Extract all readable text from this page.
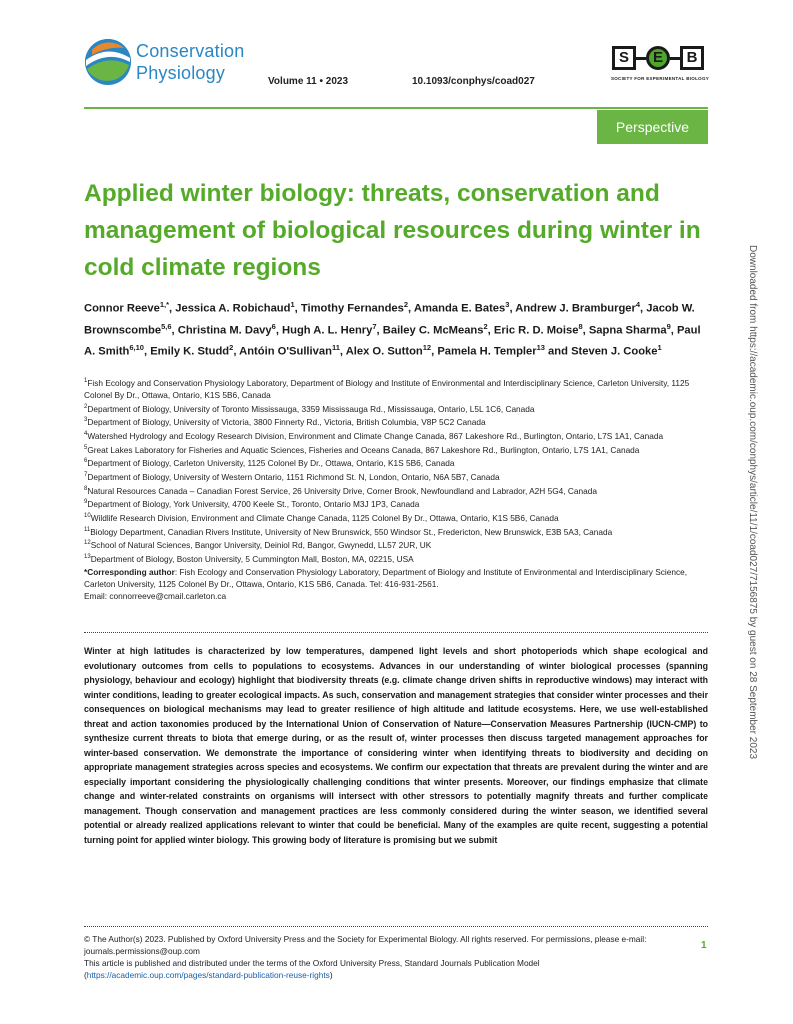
Conservation
Physiology	Volume 11 • 2023	10.1093/conphys/coad027
S	E	B
SOCIETY FOR EXPERIMENTAL BIOLOGY
Perspective
Applied winter biology: threats, conservation and management of biological resources during winter in cold climate regions
Connor Reeve$^{1,*}$, Jessica A. Robichaud$^1$, Timothy Fernandes$^2$, Amanda E. Bates$^3$, Andrew J. Bramburger$^4$, Jacob W. Brownscombe$^{5,6}$, Christina M. Davy$^6$, Hugh A. L. Henry$^7$, Bailey C. McMeans$^2$, Eric R. D. Moise$^8$, Sapna Sharma$^9$, Paul A. Smith$^{6,10}$, Emily K. Studd$^2$, Antóin O'Sullivan$^{11}$, Alex O. Sutton$^{12}$, Pamela H. Templer$^{13}$ and Steven J. Cooke$^1$
$^1$Fish Ecology and Conservation Physiology Laboratory, Department of Biology and Institute of Environmental and Interdisciplinary Science, Carleton University, 1125 Colonel By Dr., Ottawa, Ontario, K1S 5B6, Canada
$^2$Department of Biology, University of Toronto Mississauga, 3359 Mississauga Rd., Mississauga, Ontario, L5L 1C6, Canada
$^3$Department of Biology, University of Victoria, 3800 Finnerty Rd., Victoria, British Columbia, V8P 5C2 Canada
$^4$Watershed Hydrology and Ecology Research Division, Environment and Climate Change Canada, 867 Lakeshore Rd., Burlington, Ontario, L7S 1A1, Canada
$^5$Great Lakes Laboratory for Fisheries and Aquatic Sciences, Fisheries and Oceans Canada, 867 Lakeshore Rd., Burlington, Ontario, L7S 1A1, Canada
$^6$Department of Biology, Carleton University, 1125 Colonel By Dr., Ottawa, Ontario, K1S 5B6, Canada
$^7$Department of Biology, University of Western Ontario, 1151 Richmond St. N, London, Ontario, N6A 5B7, Canada
$^8$Natural Resources Canada – Canadian Forest Service, 26 University Drive, Corner Brook, Newfoundland and Labrador, A2H 5G4, Canada
$^9$Department of Biology, York University, 4700 Keele St., Toronto, Ontario M3J 1P3, Canada
$^{10}$Wildlife Research Division, Environment and Climate Change Canada, 1125 Colonel By Dr., Ottawa, Ontario, K1S 5B6, Canada
$^{11}$Biology Department, Canadian Rivers Institute, University of New Brunswick, 550 Windsor St., Fredericton, New Brunswick, E3B 5A3, Canada
$^{12}$School of Natural Sciences, Bangor University, Deiniol Rd, Bangor, Gwynedd, LL57 2UR, UK
$^{13}$Department of Biology, Boston University, 5 Cummington Mall, Boston, MA, 02215, USA
*Corresponding author: Fish Ecology and Conservation Physiology Laboratory, Department of Biology and Institute of Environmental and Interdisciplinary Science, Carleton University, 1125 Colonel By Dr., Ottawa, Ontario, K1S 5B6, Canada. Tel: 416-931-2561.
Email: connorreeve@cmail.carleton.ca
Winter at high latitudes is characterized by low temperatures, dampened light levels and short photoperiods which shape ecological and evolutionary outcomes from cells to populations to ecosystems. Advances in our understanding of winter biological processes (spanning physiology, behaviour and ecology) highlight that biodiversity threats (e.g. climate change driven shifts in reproductive windows) may interact with winter conditions, leading to greater ecological impacts. As such, conservation and management strategies that consider winter processes and their consequences on biological mechanisms may lead to greater resilience of high altitude and latitude ecosystems. Here, we use well-established threat and action taxonomies produced by the International Union of Conservation of Nature—Conservation Measures Partnership (IUCN-CMP) to synthesize current threats to biota that emerge during, or as the result of, winter processes then discuss targeted management approaches for winter-based conservation. We demonstrate the importance of considering winter when identifying threats to biodiversity and deciding on appropriate management strategies across species and ecosystems. We confirm our expectation that threats are prevalent during the winter and are especially important considering the physiologically challenging conditions that winter presents. Moreover, our findings emphasize that climate change and winter-related constraints on organisms will intersect with other stressors to potentially magnify threats and further complicate management. Though conservation and management practices are less commonly considered during the winter season, we identified several potential or already realized applications relevant to winter that could be beneficial. Many of the examples are quite recent, suggesting a potential turning point for applied winter biology. This growing body of literature is promising but we submit
© The Author(s) 2023. Published by Oxford University Press and the Society for Experimental Biology. All rights reserved. For permissions, please e-mail: journals.permissions@oup.com
This article is published and distributed under the terms of the Oxford University Press, Standard Journals Publication Model (https://academic.oup.com/pages/standard-publication-reuse-rights)
1
Downloaded from https://academic.oup.com/conphys/article/11/1/coad027/7156875 by guest on 28 September 2023
